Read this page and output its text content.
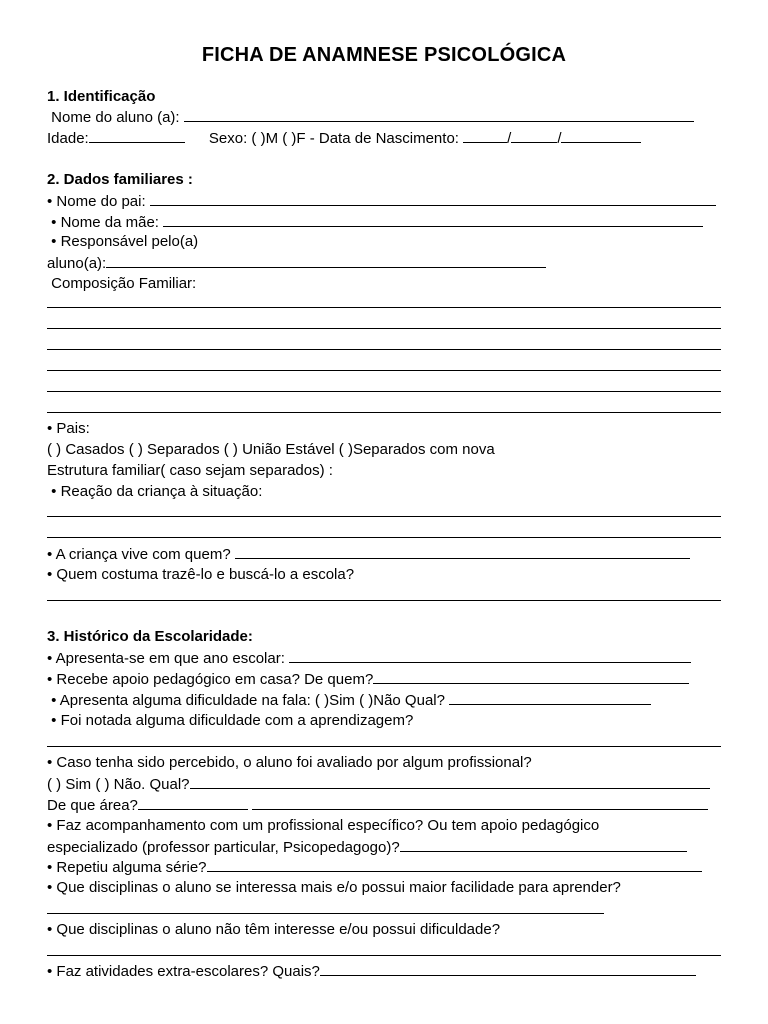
FICHA DE ANAMNESE PSICOLÓGICA
1. Identificação
Nome do aluno (a):
Idade:	Sexo: ( )M ( )F - Data de Nascimento:	/	/
2. Dados familiares :
• Nome do pai:
• Nome da mãe:
• Responsável pelo(a)
aluno(a):
Composição Familiar:
• Pais:
( ) Casados ( ) Separados ( ) União Estável ( )Separados com nova
Estrutura familiar( caso sejam separados) :
• Reação da criança à situação:
• A criança vive com quem?
• Quem costuma trazê-lo e buscá-lo a escola?
3. Histórico da Escolaridade:
• Apresenta-se em que ano escolar:
• Recebe apoio pedagógico em casa? De quem?
• Apresenta alguma dificuldade na fala: ( )Sim ( )Não Qual?
• Foi notada alguma dificuldade com a aprendizagem?
• Caso tenha sido percebido, o aluno foi avaliado por algum profissional?
( ) Sim ( ) Não. Qual?
De que área?
• Faz acompanhamento com um profissional específico? Ou tem apoio pedagógico
especializado (professor particular, Psicopedagogo)?
• Repetiu alguma série?
• Que disciplinas o aluno se interessa mais e/o possui maior facilidade para aprender?
• Que disciplinas o aluno não têm interesse e/ou possui dificuldade?
• Faz atividades extra-escolares? Quais?
